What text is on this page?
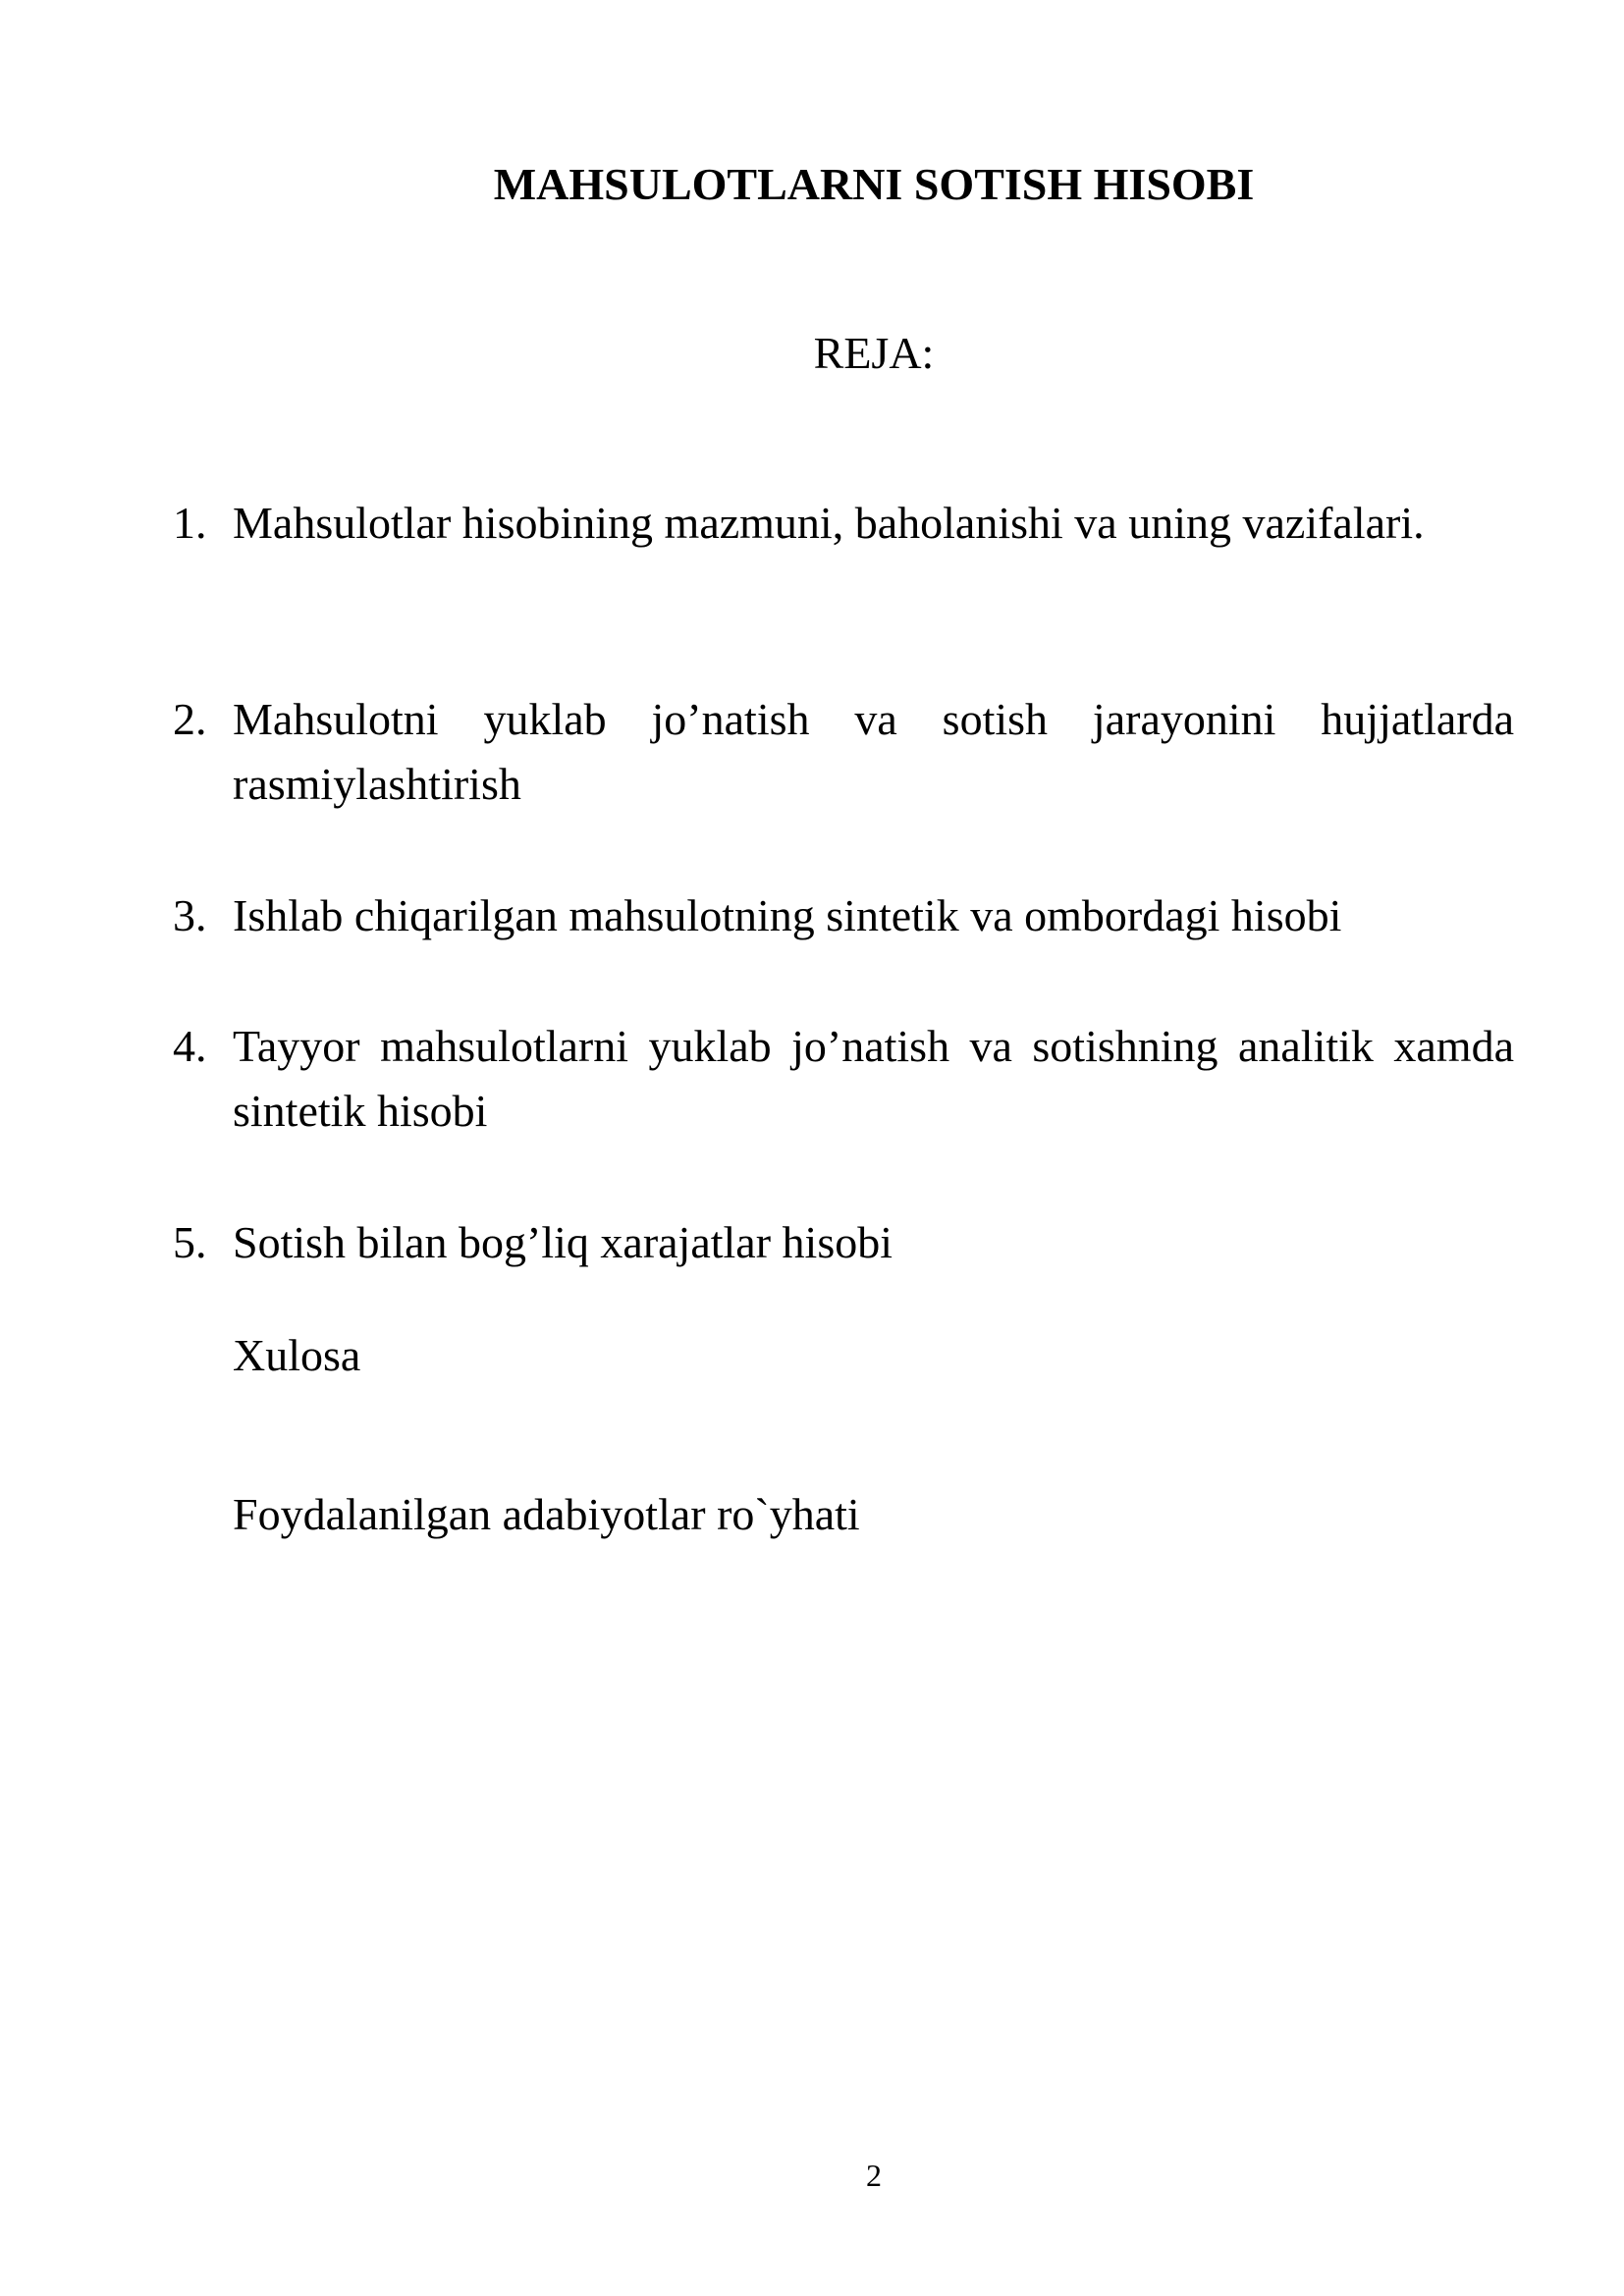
MAHSULOTLARNI SOTISH HISOBI
REJA:
1. Mahsulotlar hisobining mazmuni, baholanishi va uning vazifalari.
2. Mahsulotni yuklab jo’natish va sotish jarayonini hujjatlarda rasmiylashtirish
3. Ishlab chiqarilgan mahsulotning sintetik va ombordagi hisobi
4. Tayyor mahsulotlarni yuklab jo’natish va sotishning analitik xamda sintetik hisobi
5. Sotish bilan bog’liq xarajatlar hisobi
Xulosa
Foydalanilgan adabiyotlar ro`yhati
2
